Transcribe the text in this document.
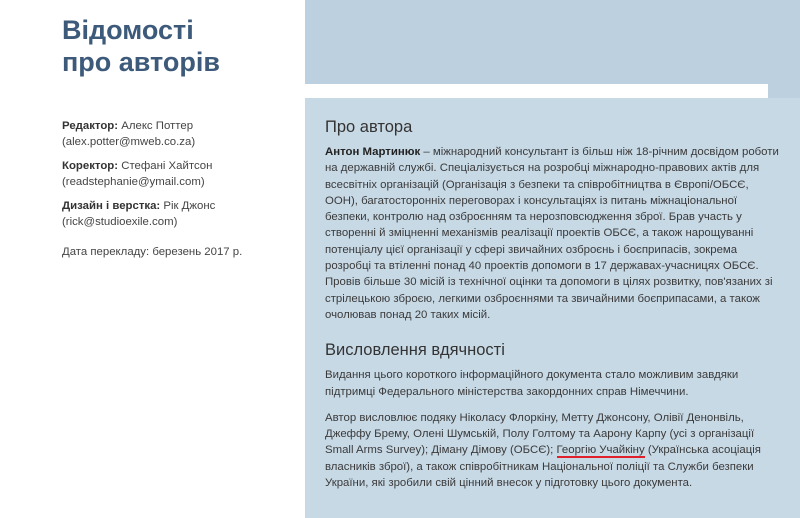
Відомості
про авторів

Редактор: Алекс Поттер
(alex.potter@mweb.co.za)

Коректор: Стефані Хайтсон
(readstephanie@ymail.com)

Дизайн і верстка: Рік Джонс
(rick@studioexile.com)

Дата перекладу: березень 2017 р.

Про автора

Антон Мартинюк – міжнародний консультант із більш ніж 18-річним досвідом роботи на державній службі. Спеціалізується на розробці міжнародно-правових актів для всесвітніх організацій (Організація з безпеки та співробітництва в Європі/ОБСЄ, ООН), багатосторонніх переговорах і консультаціях із питань міжнаціональної безпеки, контролю над озброєнням та нерозповсюдження зброї. Брав участь у створенні й зміцненні механізмів реалізації проектів ОБСЄ, а також нарощуванні потенціалу цієї організації у сфері звичайних озброєнь і боєприпасів, зокрема розробці та втіленні понад 40 проектів допомоги в 17 державах-учасницях ОБСЄ. Провів більше 30 місій із технічної оцінки та допомоги в цілях розвитку, пов'язаних зі стрілецькою зброєю, легкими озброєннями та звичайними боєприпасами, а також очолював понад 20 таких місій.

Висловлення вдячності

Видання цього короткого інформаційного документа стало можливим завдяки підтримці Федерального міністерства закордонних справ Німеччини.

Автор висловлює подяку Ніколасу Флоркіну, Метту Джонсону, Олівії Денонвіль, Джеффу Брему, Олені Шумській, Полу Голтому та Аарону Карпу (усі з організації Small Arms Survey); Діману Дімову (ОБСЄ); Георгію Учайкіну (Українська асоціація власників зброї), а також співробітникам Національної поліції та Служби безпеки України, які зробили свій цінний внесок у підготовку цього документа.
